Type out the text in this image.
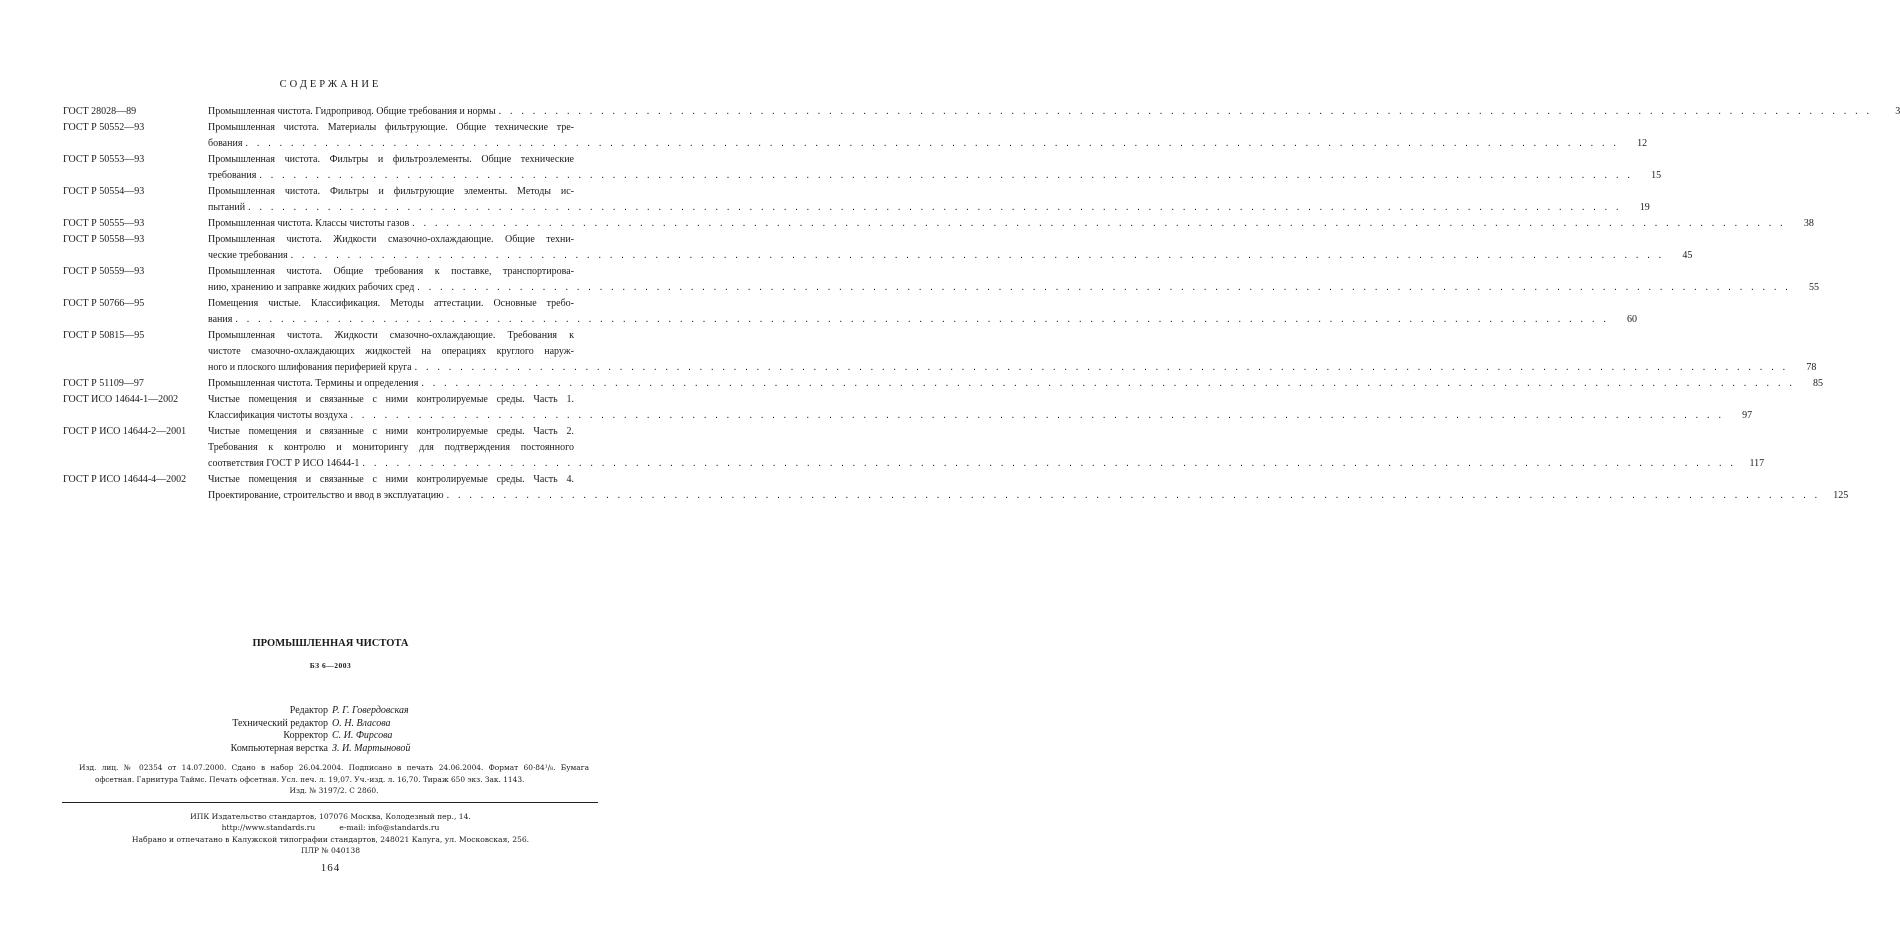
СОДЕРЖАНИЕ
ГОСТ 28028—89	Промышленная чистота. Гидропривод. Общие требования и нормы . . .	3
ГОСТ Р 50552—93	Промышленная чистота. Материалы фильтрующие. Общие технические тре-
бования . . .	12
ГОСТ Р 50553—93	Промышленная чистота. Фильтры и фильтроэлементы. Общие технические
требования . . .	15
ГОСТ Р 50554—93	Промышленная чистота. Фильтры и фильтрующие элементы. Методы ис-
пытаний . . .	19
ГОСТ Р 50555—93	Промышленная чистота. Классы чистоты газов . . .	38
ГОСТ Р 50558—93	Промышленная чистота. Жидкости смазочно-охлаждающие. Общие техни-
ческие требования . . .	45
ГОСТ Р 50559—93	Промышленная чистота. Общие требования к поставке, транспортирова-
нию, хранению и заправке жидких рабочих сред . . .	55
ГОСТ Р 50766—95	Помещения чистые. Классификация. Методы аттестации. Основные требо-
вания . . .	60
ГОСТ Р 50815—95	Промышленная чистота. Жидкости смазочно-охлаждающие. Требования к
чистоте смазочно-охлаждающих жидкостей на операциях круглого наруж-
ного и плоского шлифования периферией круга . . .	78
ГОСТ Р 51109—97	Промышленная чистота. Термины и определения . . .	85
ГОСТ ИСО 14644-1—2002	Чистые помещения и связанные с ними контролируемые среды. Часть 1.
Классификация чистоты воздуха . . .	97
ГОСТ Р ИСО 14644-2—2001	Чистые помещения и связанные с ними контролируемые среды. Часть 2.
Требования к контролю и мониторингу для подтверждения постоянного
соответствия ГОСТ Р ИСО 14644-1 . . .	117
ГОСТ Р ИСО 14644-4—2002	Чистые помещения и связанные с ними контролируемые среды. Часть 4.
Проектирование, строительство и ввод в эксплуатацию . . .	125
ПРОМЫШЛЕННАЯ ЧИСТОТА
БЗ 6—2003
Редактор Р. Г. Говердовская
Технический редактор О. Н. Власова
Корректор С. И. Фирсова
Компьютерная верстка З. И. Мартыновой
Изд. лиц. № 02354 от 14.07.2000. Сдано в набор 26.04.2004. Подписано в печать 24.06.2004. Формат 60·84¹/₈. Бумага
офсетная. Гарнитура Таймс. Печать офсетная. Усл. печ. л. 19,07. Уч.-изд. л. 16,70. Тираж 650 экз. Зак. 1143.
Изд. № 3197/2. С 2860.
ИПК Издательство стандартов, 107076 Москва, Колодезный пер., 14.
http://www.standards.ru          e-mail: info@standards.ru
Набрано и отпечатано в Калужской типографии стандартов, 248021 Калуга, ул. Московская, 256.
ПЛР № 040138
164
